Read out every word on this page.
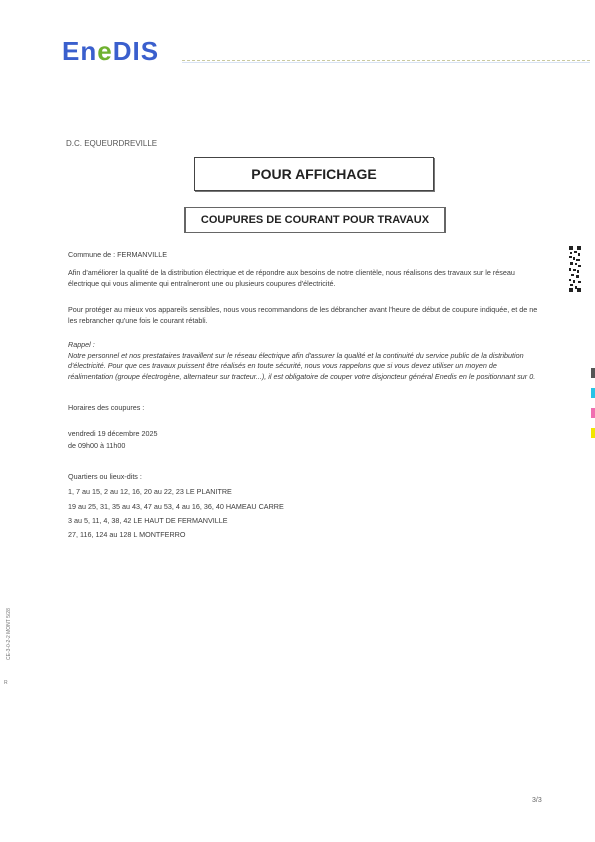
EneDIS
D.C. EQUEURDREVILLE
POUR AFFICHAGE
COUPURES DE COURANT POUR TRAVAUX
Commune de : FERMANVILLE
Afin d'améliorer la qualité de la distribution électrique et de répondre aux besoins de notre clientèle, nous réalisons des travaux sur le réseau électrique qui vous alimente qui entraîneront une ou plusieurs coupures d'électricité.
Pour protéger au mieux vos appareils sensibles, nous vous recommandons de les débrancher avant l'heure de début de coupure indiquée, et de ne les rebrancher qu'une fois le courant rétabli.
Rappel :
Notre personnel et nos prestataires travaillent sur le réseau électrique afin d'assurer la qualité et la continuité du service public de la distribution d'électricité. Pour que ces travaux puissent être réalisés en toute sécurité, nous vous rappelons que si vous devez utiliser un moyen de réalimentation (groupe électrogène, alternateur sur tracteur...), il est obligatoire de couper votre disjoncteur général Enedis en le positionnant sur 0.
Horaires des coupures :
vendredi 19 décembre 2025
de 09h00 à 11h00
Quartiers ou lieux-dits :
1, 7 au 15, 2 au 12, 16, 20 au 22, 23 LE PLANITRE
19 au 25, 31, 35 au 43, 47 au 53, 4 au 16, 36, 40 HAMEAU CARRE
3 au 5, 11, 4, 38, 42 LE HAUT DE FERMANVILLE
27, 116, 124 au 128 L MONTFERRO
CE-3-0-2-2 MONT 5/28
R
3/3
